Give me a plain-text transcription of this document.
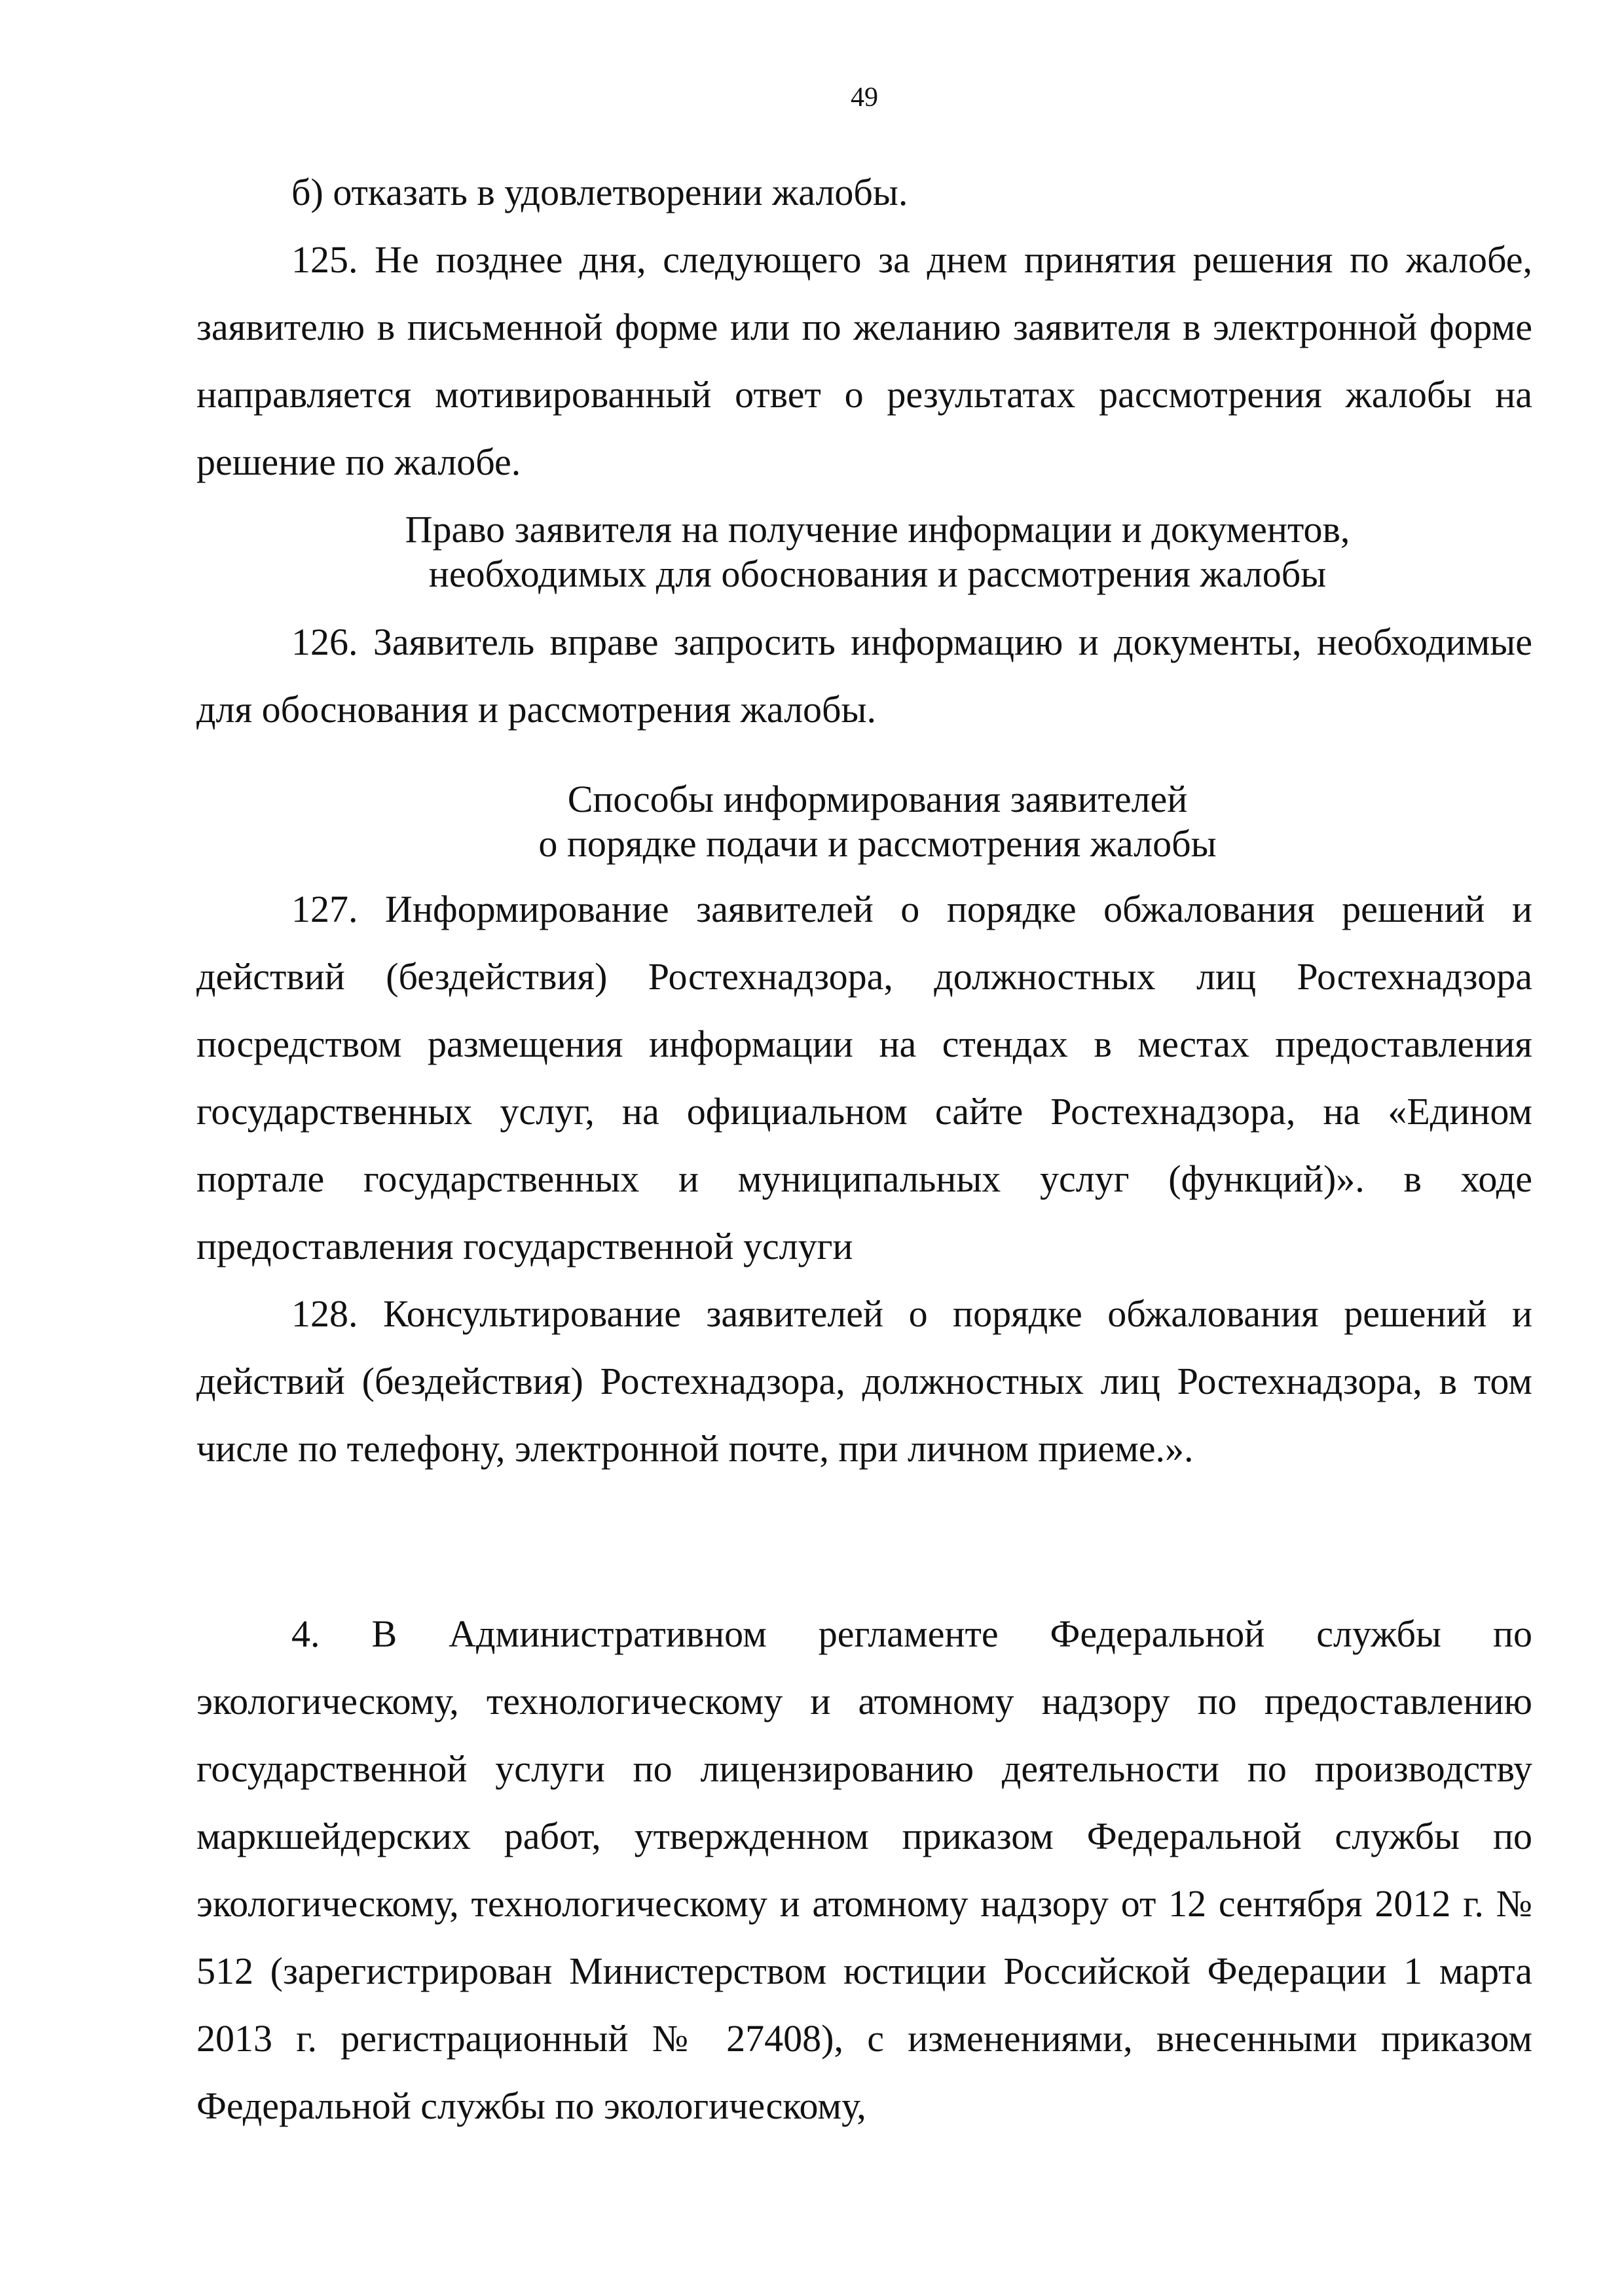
49

б) отказать в удовлетворении жалобы.

125. Не позднее дня, следующего за днем принятия решения по жалобе, заявителю в письменной форме или по желанию заявителя в электронной форме направляется мотивированный ответ о результатах рассмотрения жалобы на решение по жалобе.

Право заявителя на получение информации и документов,

необходимых для обоснования и рассмотрения жалобы

126. Заявитель вправе запросить информацию и документы, необходимые для обоснования и рассмотрения жалобы.

Способы информирования заявителей

о порядке подачи и рассмотрения жалобы

127. Информирование заявителей о порядке обжалования решений и действий (бездействия) Ростехнадзора, должностных лиц Ростехнадзора посредством размещения информации на стендах в местах предоставления государственных услуг, на официальном сайте Ростехнадзора, на «Едином портале государственных и муниципальных услуг (функций)». в ходе предоставления государственной услуги

128. Консультирование заявителей о порядке обжалования решений и действий (бездействия) Ростехнадзора, должностных лиц Ростехнадзора, в том числе по телефону, электронной почте, при личном приеме.».

4. В Административном регламенте Федеральной службы по экологическому, технологическому и атомному надзору по предоставлению государственной услуги по лицензированию деятельности по производству маркшейдерских работ, утвержденном приказом Федеральной службы по экологическому, технологическому и атомному надзору от 12 сентября 2012 г. № 512 (зарегистрирован Министерством юстиции Российской Федерации 1 марта 2013 г. регистрационный № 27408), с изменениями, внесенными приказом Федеральной службы по экологическому,
